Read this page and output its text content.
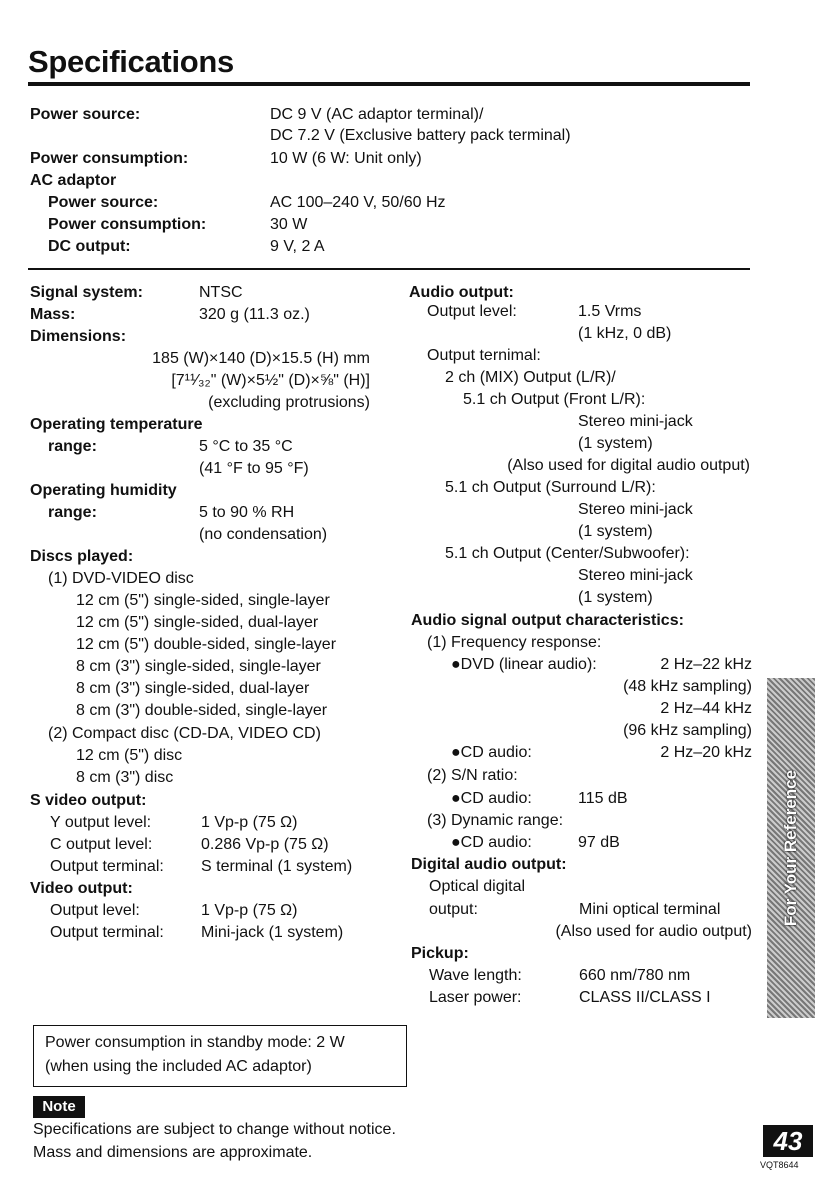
Specifications
Power source:	DC 9 V (AC adaptor terminal)/
DC 7.2 V (Exclusive battery pack terminal)
Power consumption:	10 W (6 W: Unit only)
AC adaptor
Power source:	AC 100–240 V, 50/60 Hz
Power consumption:	30 W
DC output:	9 V, 2 A
Signal system:	NTSC
Mass:	320 g (11.3 oz.)
Dimensions:
185 (W)×140 (D)×15.5 (H) mm
[7¹¹⁄₃₂" (W)×5½" (D)×⅝" (H)]
(excluding protrusions)
Operating temperature
range:	5 °C to 35 °C
(41 °F to 95 °F)
Operating humidity
range:	5 to 90 % RH
(no condensation)
Discs played:
(1) DVD-VIDEO disc
12 cm (5") single-sided, single-layer
12 cm (5") single-sided, dual-layer
12 cm (5") double-sided, single-layer
8 cm (3") single-sided, single-layer
8 cm (3") single-sided, dual-layer
8 cm (3") double-sided, single-layer
(2) Compact disc (CD-DA, VIDEO CD)
12 cm (5") disc
8 cm (3") disc
S video output:
Y output level:	1 Vp-p (75 Ω)
C output level:	0.286 Vp-p (75 Ω)
Output terminal: S terminal (1 system)
Video output:
Output level:	1 Vp-p (75 Ω)
Output terminal: Mini-jack (1 system)
Audio output:
Output level:	1.5 Vrms
(1 kHz, 0 dB)
Output ternimal:
2 ch (MIX) Output (L/R)/
5.1 ch Output (Front L/R):
Stereo mini-jack
(1 system)
(Also used for digital audio output)
5.1 ch Output (Surround L/R):
Stereo mini-jack
(1 system)
5.1 ch Output (Center/Subwoofer):
Stereo mini-jack
(1 system)
Audio signal output characteristics:
(1) Frequency response:
●DVD (linear audio):	2 Hz–22 kHz
(48 kHz sampling)
2 Hz–44 kHz
(96 kHz sampling)
●CD audio:	2 Hz–20 kHz
(2) S/N ratio:
●CD audio:	115 dB
(3) Dynamic range:
●CD audio:	97 dB
Digital audio output:
Optical digital
output:	Mini optical terminal
(Also used for audio output)
Pickup:
Wave length:	660 nm/780 nm
Laser power:	CLASS II/CLASS I
Power consumption in standby mode: 2 W
(when using the included AC adaptor)
Note
Specifications are subject to change without notice.
Mass and dimensions are approximate.
For Your Reference
43
VQT8644
